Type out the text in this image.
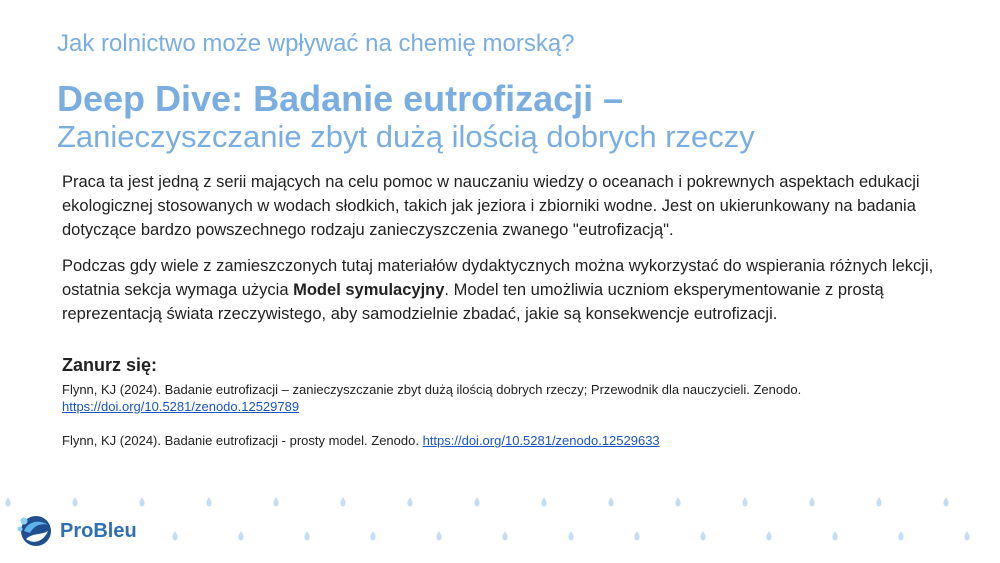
Jak rolnictwo może wpływać na chemię morską?
Deep Dive: Badanie eutrofizacji –
Zanieczyszczanie zbyt dużą ilością dobrych rzeczy

Praca ta jest jedną z serii mających na celu pomoc w nauczaniu wiedzy o oceanach i pokrewnych aspektach edukacji ekologicznej stosowanych w wodach słodkich, takich jak jeziora i zbiorniki wodne. Jest on ukierunkowany na badania dotyczące bardzo powszechnego rodzaju zanieczyszczenia zwanego "eutrofizacją".

Podczas gdy wiele z zamieszczonych tutaj materiałów dydaktycznych można wykorzystać do wspierania różnych lekcji, ostatnia sekcja wymaga użycia Model symulacyjny. Model ten umożliwia uczniom eksperymentowanie z prostą reprezentacją świata rzeczywistego, aby samodzielnie zbadać, jakie są konsekwencje eutrofizacji.

Zanurz się:

Flynn, KJ (2024). Badanie eutrofizacji – zanieczyszczanie zbyt dużą ilością dobrych rzeczy; Przewodnik dla nauczycieli. Zenodo. https://doi.org/10.5281/zenodo.12529789

Flynn, KJ (2024). Badanie eutrofizacji - prosty model. Zenodo. https://doi.org/10.5281/zenodo.12529633

ProBleu
